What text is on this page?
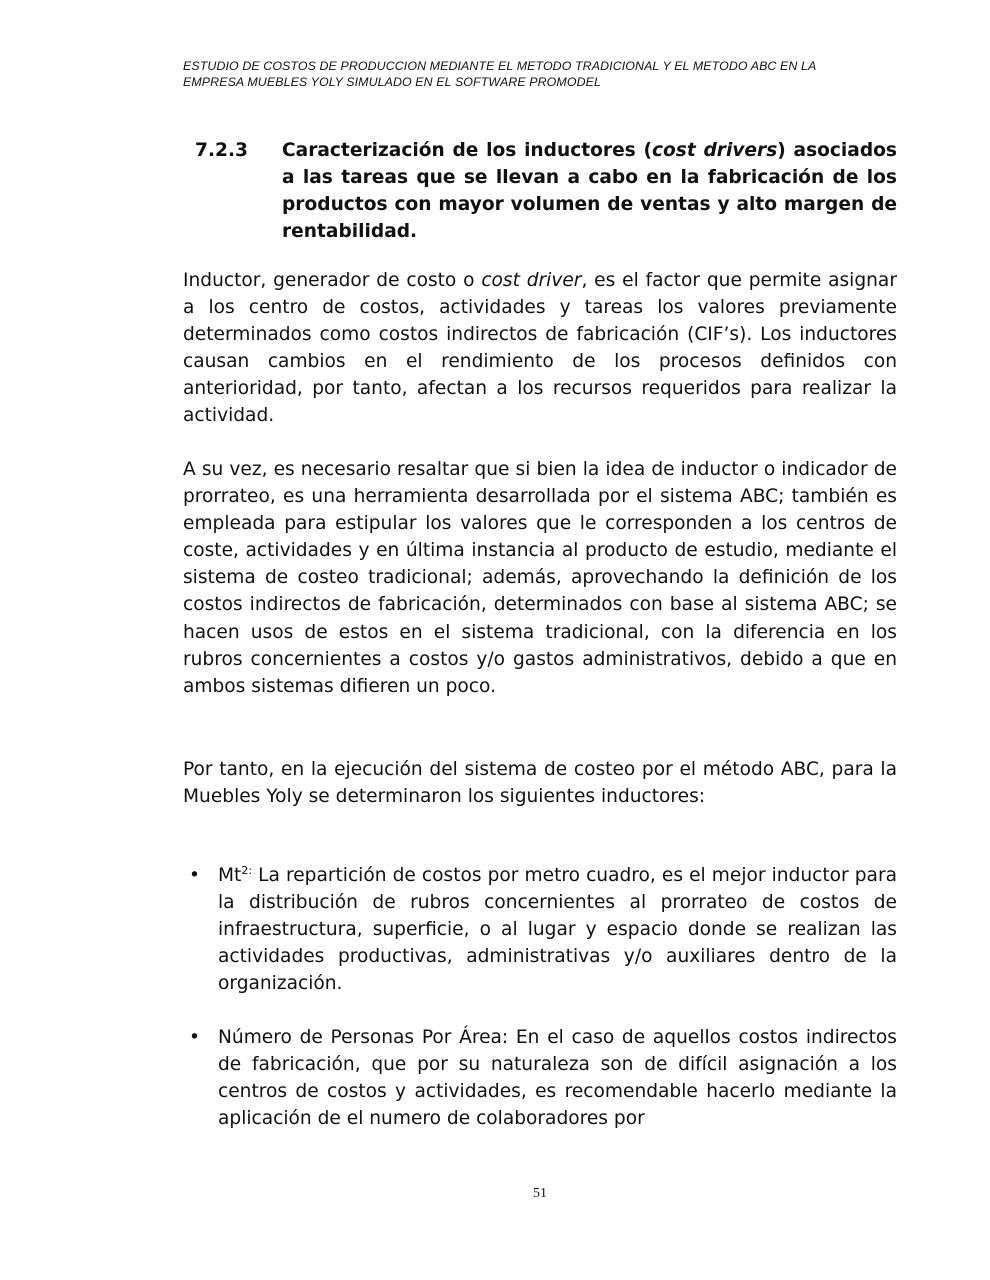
ESTUDIO DE COSTOS DE PRODUCCION MEDIANTE EL METODO TRADICIONAL Y EL METODO ABC EN LA
EMPRESA MUEBLES YOLY SIMULADO EN EL SOFTWARE PROMODEL
7.2.3 Caracterización de los inductores (cost drivers) asociados a las tareas que se llevan a cabo en la fabricación de los productos con mayor volumen de ventas y alto margen de rentabilidad.

Inductor, generador de costo o cost driver, es el factor que permite asignar a los centro de costos, actividades y tareas los valores previamente determinados como costos indirectos de fabricación (CIF’s). Los inductores causan cambios en el rendimiento de los procesos definidos con anterioridad, por tanto, afectan a los recursos requeridos para realizar la actividad.

A su vez, es necesario resaltar que si bien la idea de inductor o indicador de prorrateo, es una herramienta desarrollada por el sistema ABC; también es empleada para estipular los valores que le corresponden a los centros de coste, actividades y en última instancia al producto de estudio, mediante el sistema de costeo tradicional; además, aprovechando la definición de los costos indirectos de fabricación, determinados con base al sistema ABC; se hacen usos de estos en el sistema tradicional, con la diferencia en los rubros concernientes a costos y/o gastos administrativos, debido a que en ambos sistemas difieren un poco.

Por tanto, en la ejecución del sistema de costeo por el método ABC, para la Muebles Yoly se determinaron los siguientes inductores:

• $Mt^{2:}$ La repartición de costos por metro cuadro, es el mejor inductor para la distribución de rubros concernientes al prorrateo de costos de infraestructura, superficie, o al lugar y espacio donde se realizan las actividades productivas, administrativas y/o auxiliares dentro de la organización.
• Número de Personas Por Área: En el caso de aquellos costos indirectos de fabricación, que por su naturaleza son de difícil asignación a los centros de costos y actividades, es recomendable hacerlo mediante la aplicación de el numero de colaboradores por
51
